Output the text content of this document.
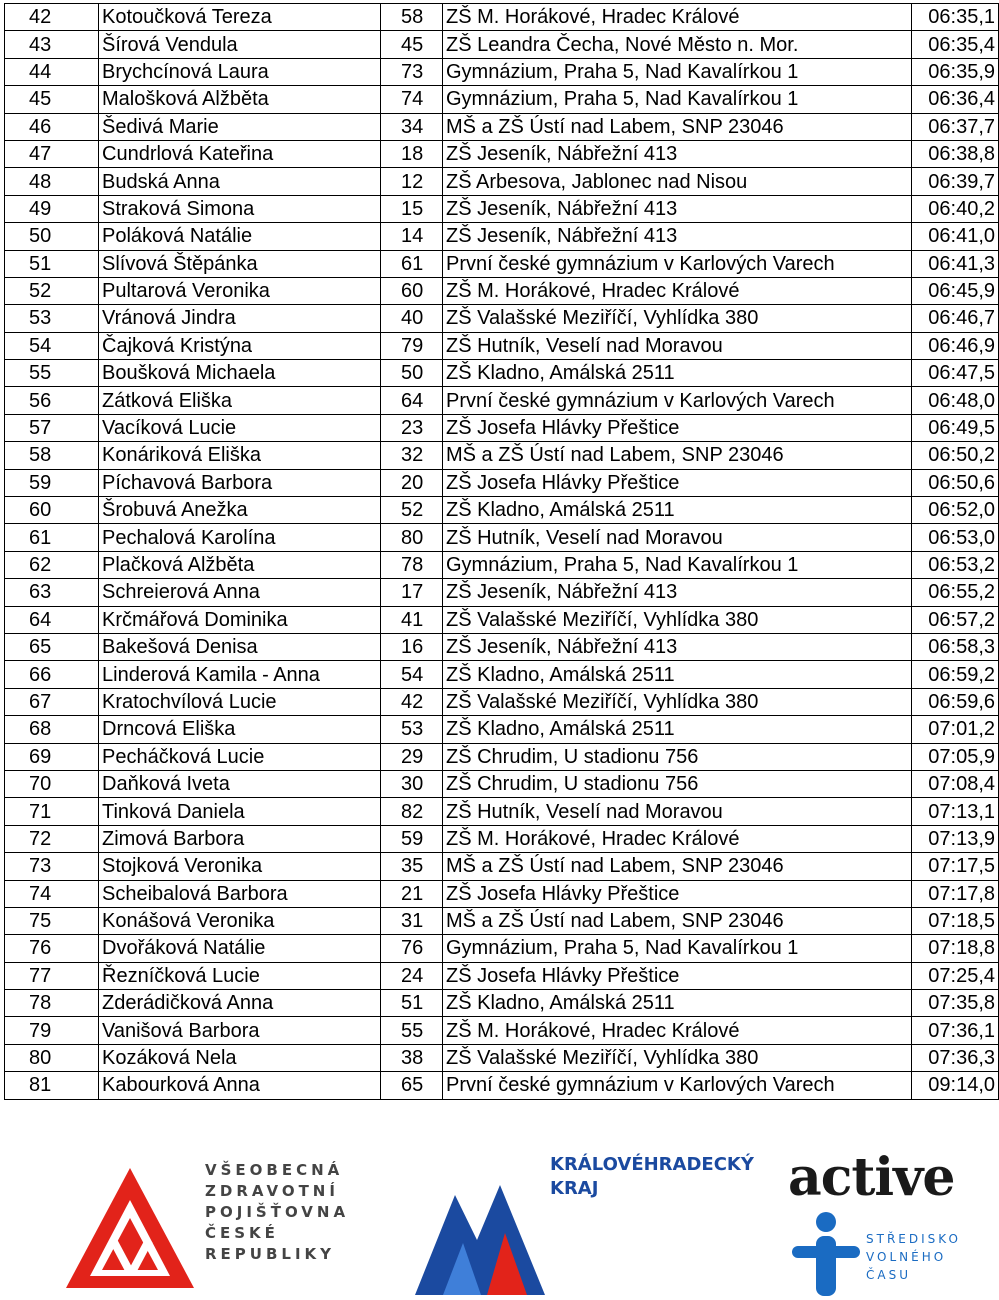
42	Kotoučková Tereza	58	ZŠ M. Horákové, Hradec Králové	06:35,1
43	Šírová Vendula	45	ZŠ Leandra Čecha, Nové Město n. Mor.	06:35,4
44	Brychcínová Laura	73	Gymnázium, Praha 5, Nad Kavalírkou 1	06:35,9
45	Malošková Alžběta	74	Gymnázium, Praha 5, Nad Kavalírkou 1	06:36,4
46	Šedivá Marie	34	MŠ a ZŠ Ústí nad Labem, SNP 23046	06:37,7
47	Cundrlová Kateřina	18	ZŠ Jeseník, Nábřežní 413	06:38,8
48	Budská Anna	12	ZŠ Arbesova, Jablonec nad Nisou	06:39,7
49	Straková Simona	15	ZŠ Jeseník, Nábřežní 413	06:40,2
50	Poláková Natálie	14	ZŠ Jeseník, Nábřežní 413	06:41,0
51	Slívová Štěpánka	61	První české gymnázium v Karlových Varech	06:41,3
52	Pultarová Veronika	60	ZŠ M. Horákové, Hradec Králové	06:45,9
53	Vránová Jindra	40	ZŠ Valašské Meziříčí, Vyhlídka 380	06:46,7
54	Čajková Kristýna	79	ZŠ Hutník, Veselí nad Moravou	06:46,9
55	Boušková Michaela	50	ZŠ Kladno, Amálská 2511	06:47,5
56	Zátková Eliška	64	První české gymnázium v Karlových Varech	06:48,0
57	Vacíková Lucie	23	ZŠ Josefa Hlávky Přeštice	06:49,5
58	Konáriková Eliška	32	MŠ a ZŠ Ústí nad Labem, SNP 23046	06:50,2
59	Píchavová Barbora	20	ZŠ Josefa Hlávky Přeštice	06:50,6
60	Šrobuvá Anežka	52	ZŠ Kladno, Amálská 2511	06:52,0
61	Pechalová Karolína	80	ZŠ Hutník, Veselí nad Moravou	06:53,0
62	Plačková Alžběta	78	Gymnázium, Praha 5, Nad Kavalírkou 1	06:53,2
63	Schreierová Anna	17	ZŠ Jeseník, Nábřežní 413	06:55,2
64	Krčmářová Dominika	41	ZŠ Valašské Meziříčí, Vyhlídka 380	06:57,2
65	Bakešová Denisa	16	ZŠ Jeseník, Nábřežní 413	06:58,3
66	Linderová Kamila - Anna	54	ZŠ Kladno, Amálská 2511	06:59,2
67	Kratochvílová Lucie	42	ZŠ Valašské Meziříčí, Vyhlídka 380	06:59,6
68	Drncová Eliška	53	ZŠ Kladno, Amálská 2511	07:01,2
69	Pecháčková Lucie	29	ZŠ Chrudim, U stadionu 756	07:05,9
70	Daňková Iveta	30	ZŠ Chrudim, U stadionu 756	07:08,4
71	Tinková Daniela	82	ZŠ Hutník, Veselí nad Moravou	07:13,1
72	Zimová Barbora	59	ZŠ M. Horákové, Hradec Králové	07:13,9
73	Stojková Veronika	35	MŠ a ZŠ Ústí nad Labem, SNP 23046	07:17,5
74	Scheibalová Barbora	21	ZŠ Josefa Hlávky Přeštice	07:17,8
75	Konášová Veronika	31	MŠ a ZŠ Ústí nad Labem, SNP 23046	07:18,5
76	Dvořáková Natálie	76	Gymnázium, Praha 5, Nad Kavalírkou 1	07:18,8
77	Řezníčková Lucie	24	ZŠ Josefa Hlávky Přeštice	07:25,4
78	Zderádičková Anna	51	ZŠ Kladno, Amálská 2511	07:35,8
79	Vanišová Barbora	55	ZŠ M. Horákové, Hradec Králové	07:36,1
80	Kozáková Nela	38	ZŠ Valašské Meziříčí, Vyhlídka 380	07:36,3
81	Kabourková Anna	65	První české gymnázium v Karlových Varech	09:14,0
VŠEOBECNÁ
ZDRAVOTNÍ
POJIŠŤOVNA
ČESKÉ
REPUBLIKY
KRÁLOVÉHRADECKÝ
KRAJ	active
STŘEDISKO
VOLNÉHO
ČASU
